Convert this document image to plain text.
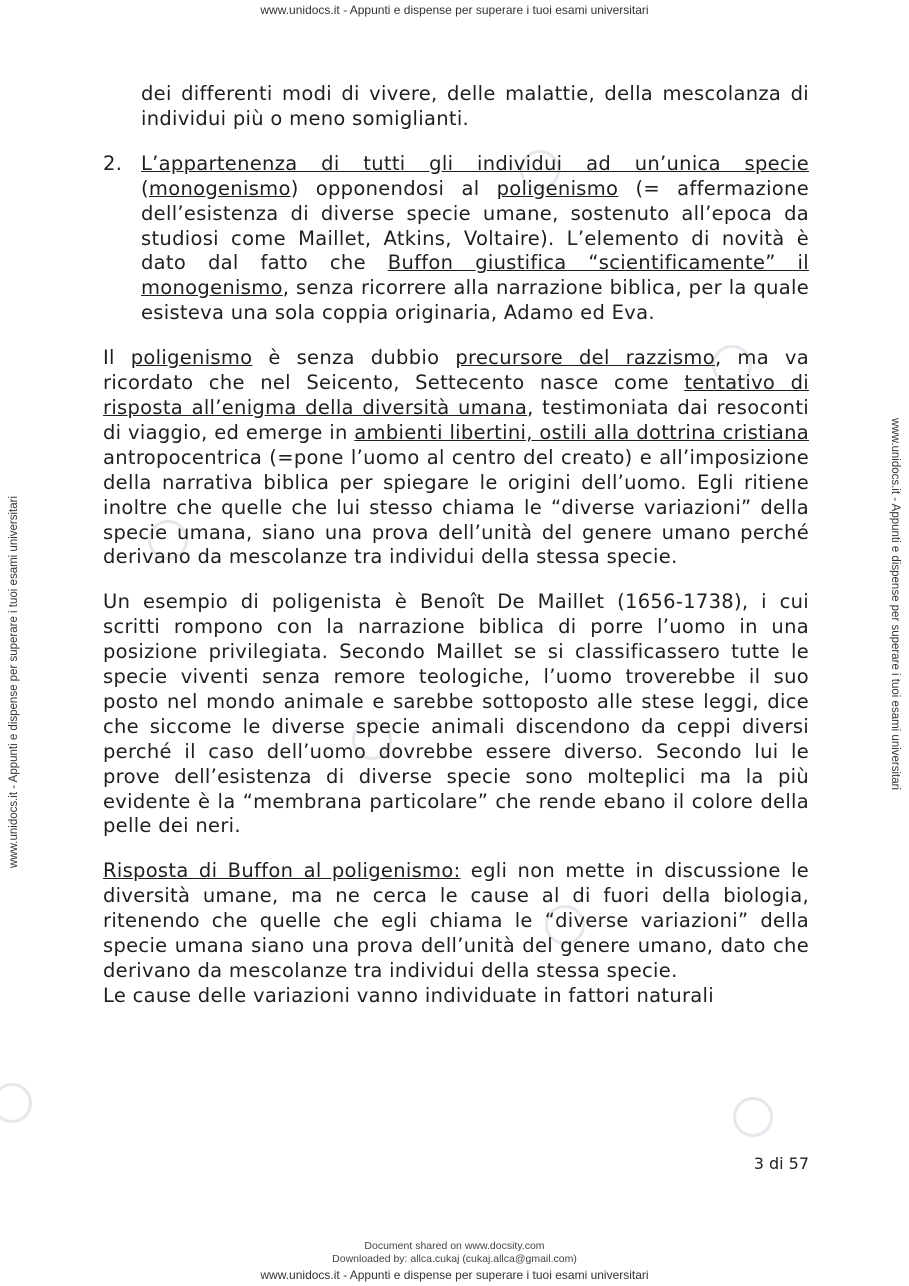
www.unidocs.it - Appunti e dispense per superare i tuoi esami universitari
www.unidocs.it - Appunti e dispense per superare i tuoi esami universitari	www.unidocs.it - Appunti e dispense per superare i tuoi esami universitari

dei differenti modi di vivere, delle malattie, della mescolanza di individui più o meno somiglianti.

2. L’appartenenza di tutti gli individui ad un’unica specie (monogenismo) opponendosi al poligenismo (= affermazione dell’esistenza di diverse specie umane, sostenuto all’epoca da studiosi come Maillet, Atkins, Voltaire). L’elemento di novità è dato dal fatto che Buffon giustifica “scientificamente” il monogenismo, senza ricorrere alla narrazione biblica, per la quale esisteva una sola coppia originaria, Adamo ed Eva.

Il poligenismo è senza dubbio precursore del razzismo, ma va ricordato che nel Seicento, Settecento nasce come tentativo di risposta all’enigma della diversità umana, testimoniata dai resoconti di viaggio, ed emerge in ambienti libertini, ostili alla dottrina cristiana antropocentrica (=pone l’uomo al centro del creato) e all’imposizione della narrativa biblica per spiegare le origini dell’uomo. Egli ritiene inoltre che quelle che lui stesso chiama le “diverse variazioni” della specie umana, siano una prova dell’unità del genere umano perché derivano da mescolanze tra individui della stessa specie.

Un esempio di poligenista è Benoît De Maillet (1656-1738), i cui scritti rompono con la narrazione biblica di porre l’uomo in una posizione privilegiata. Secondo Maillet se si classificassero tutte le specie viventi senza remore teologiche, l’uomo troverebbe il suo posto nel mondo animale e sarebbe sottoposto alle stese leggi, dice che siccome le diverse specie animali discendono da ceppi diversi perché il caso dell’uomo dovrebbe essere diverso. Secondo lui le prove dell’esistenza di diverse specie sono molteplici ma la più evidente è la “membrana particolare” che rende ebano il colore della pelle dei neri.

Risposta di Buffon al poligenismo: egli non mette in discussione le diversità umane, ma ne cerca le cause al di fuori della biologia, ritenendo che quelle che egli chiama le “diverse variazioni” della specie umana siano una prova dell’unità del genere umano, dato che derivano da mescolanze tra individui della stessa specie.

Le cause delle variazioni vanno individuate in fattori naturali

3 di 57
Document shared on www.docsity.com
Downloaded by: allca.cukaj (cukaj.allca@gmail.com)
www.unidocs.it - Appunti e dispense per superare i tuoi esami universitari
